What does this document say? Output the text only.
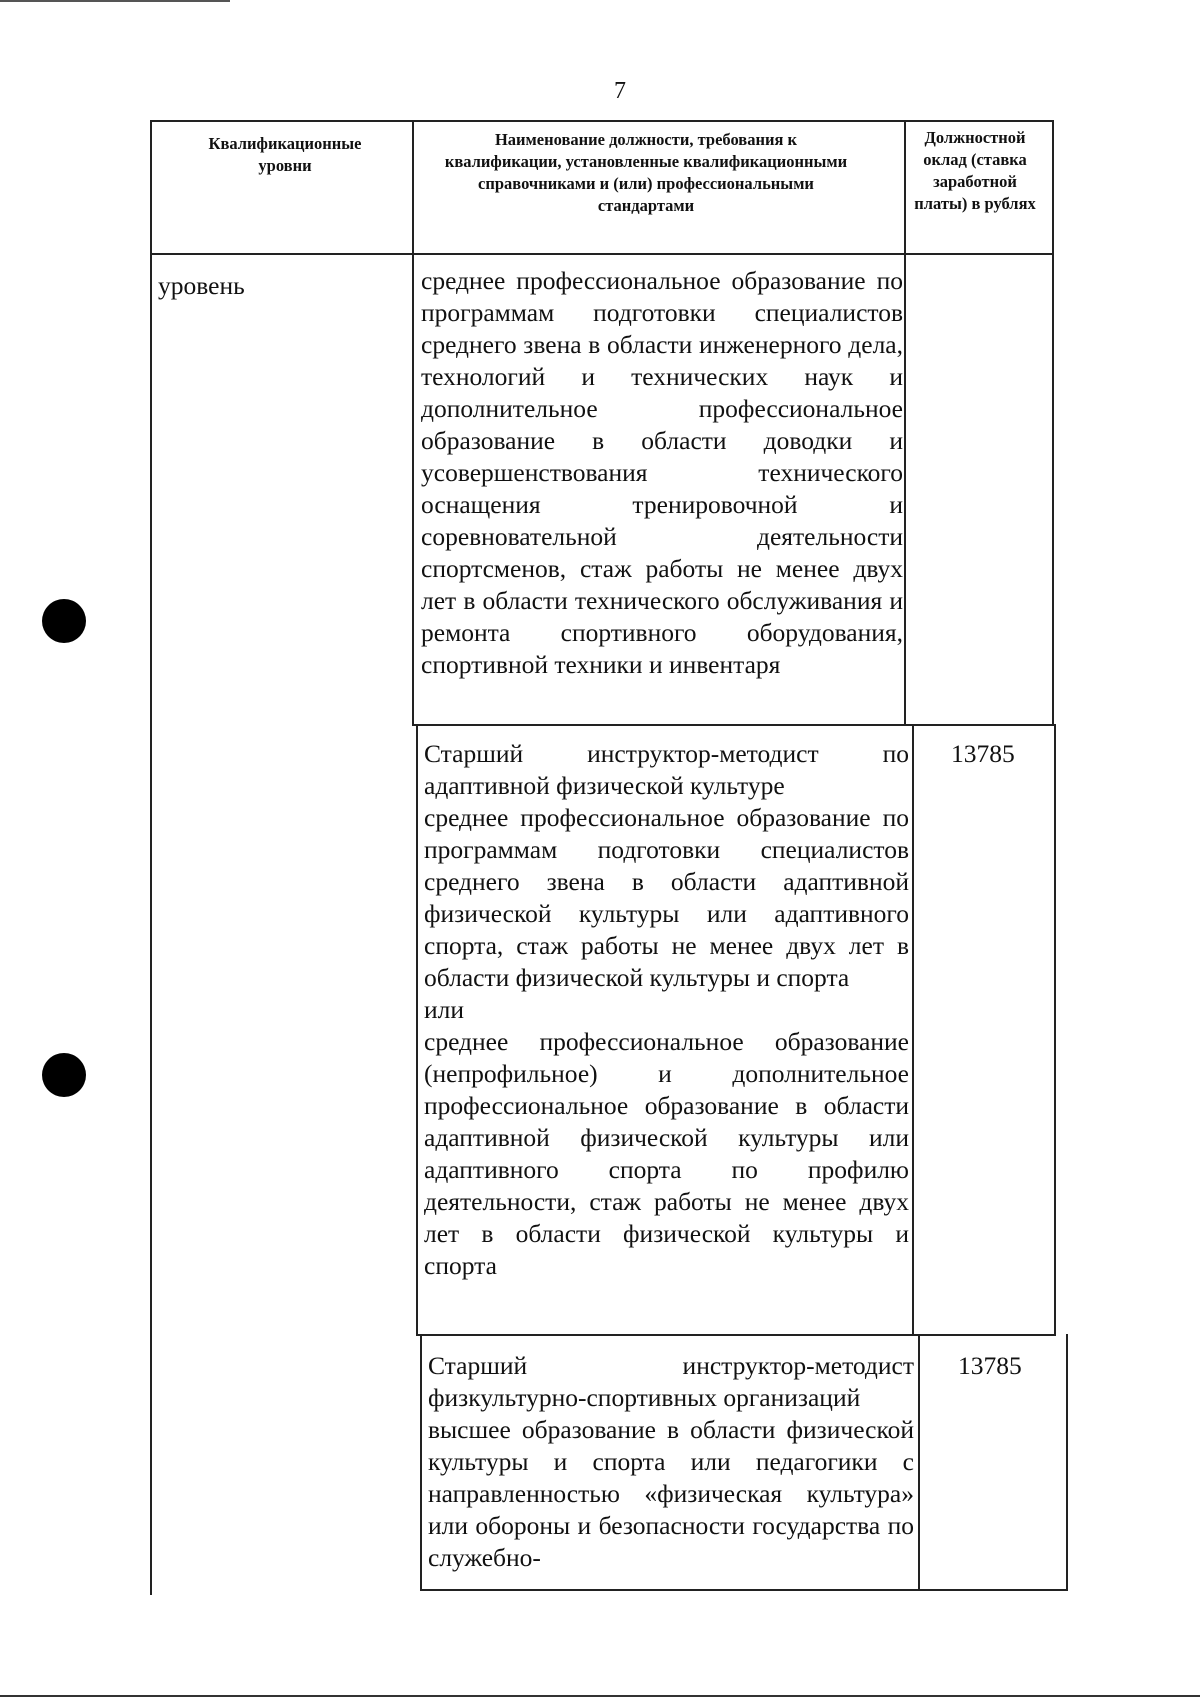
7
Квалификационные уровни
Наименование должности, требования к квалификации, установленные квалификационными справочниками и (или) профессиональными стандартами
Должностной оклад (ставка заработной платы) в рублях
уровень	среднее профессиональное образование по программам подготовки специалистов среднего звена в области инженерного дела, технологий и технических наук и дополнительное профессиональное образование в области доводки и усовершенствования технического оснащения тренировочной и соревновательной деятельности спортсменов, стаж работы не менее двух лет в области технического обслуживания и ремонта спортивного оборудования, спортивной техники и инвентаря

Старший инструктор-методист по адаптивной физической культуре

среднее профессиональное образование по программам подготовки специалистов среднего звена в области адаптивной физической культуры или адаптивного спорта, стаж работы не менее двух лет в области физической культуры и спорта

или

среднее профессиональное образование (непрофильное) и дополнительное профессиональное образование в области адаптивной физической культуры или адаптивного спорта по профилю деятельности, стаж работы не менее двух лет в области физической культуры и спорта

13785

Старший инструктор-методист физкультурно-спортивных организаций

высшее образование в области физической культуры и спорта или педагогики с направленностью «физическая культура» или обороны и безопасности государства по служебно-

13785
